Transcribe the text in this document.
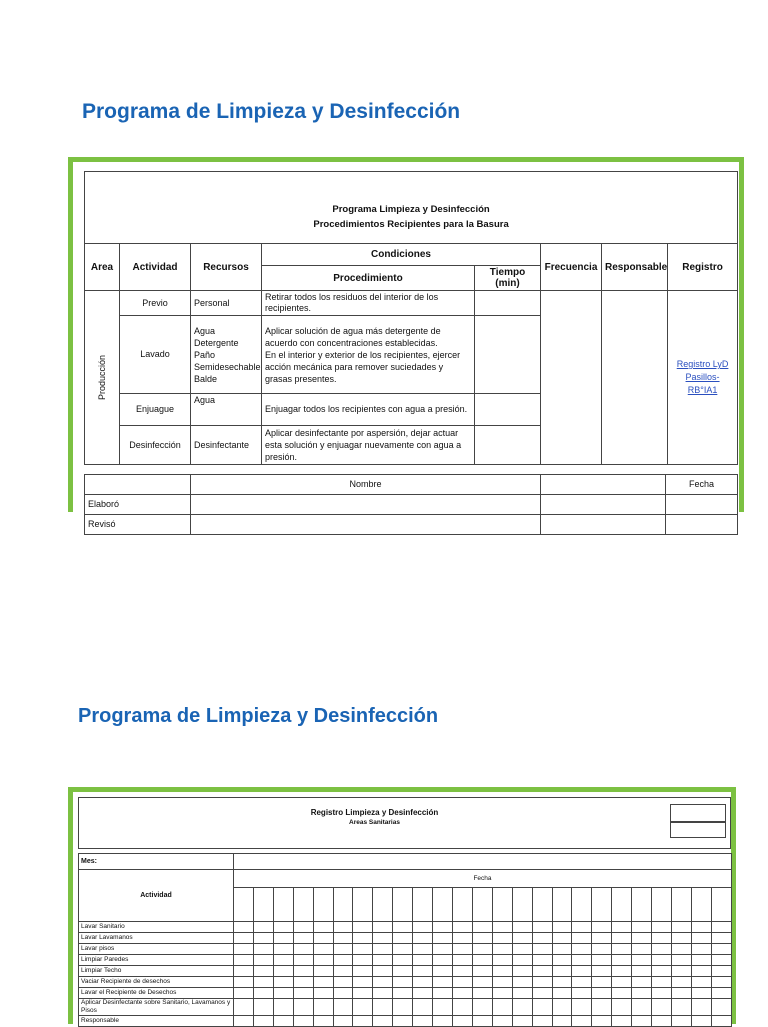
Programa de Limpieza y Desinfección
Programa Limpieza y Desinfección
Procedimientos Recipientes para la Basura							

Area	Actividad	Recursos	Condiciones		Frecuencia	Responsable	Registro
			Procedimiento	Tiempo (min)			

Producción	Previo	Personal	Retirar todos los residuos del interior de los recipientes.				Registro LyD Pasillos-RB°IA1
	Lavado	Agua
Detergente
Paño
Semidesechable
Balde	Aplicar solución de agua más detergente de acuerdo con concentraciones establecidas.
En el interior y exterior de los recipientes, ejercer acción mecánica para remover suciedades y grasas presentes.				
	Enjuague	Agua	Enjuagar todos los recipientes con agua a presión.				
	Desinfección	Desinfectante	Aplicar desinfectante por aspersión, dejar actuar esta solución y enjuagar nuevamente con agua a presión.				
	Nombre		Fecha
Elaboró			
Revisó			
Programa de Limpieza y Desinfección
Registro Limpieza y Desinfección
Areas Sanitarias
Mes:																									
Actividad	Fecha																								

Lavar Sanitario																									
Lavar Lavamanos																									
Lavar pisos																									
Limpiar Paredes																									
Limpiar Techo																									
Vaciar Recipiente de desechos																									
Lavar el Recipiente de Desechos																									
Aplicar Desinfectante sobre Sanitario, Lavamanos y Pisos																									
Responsable																									
